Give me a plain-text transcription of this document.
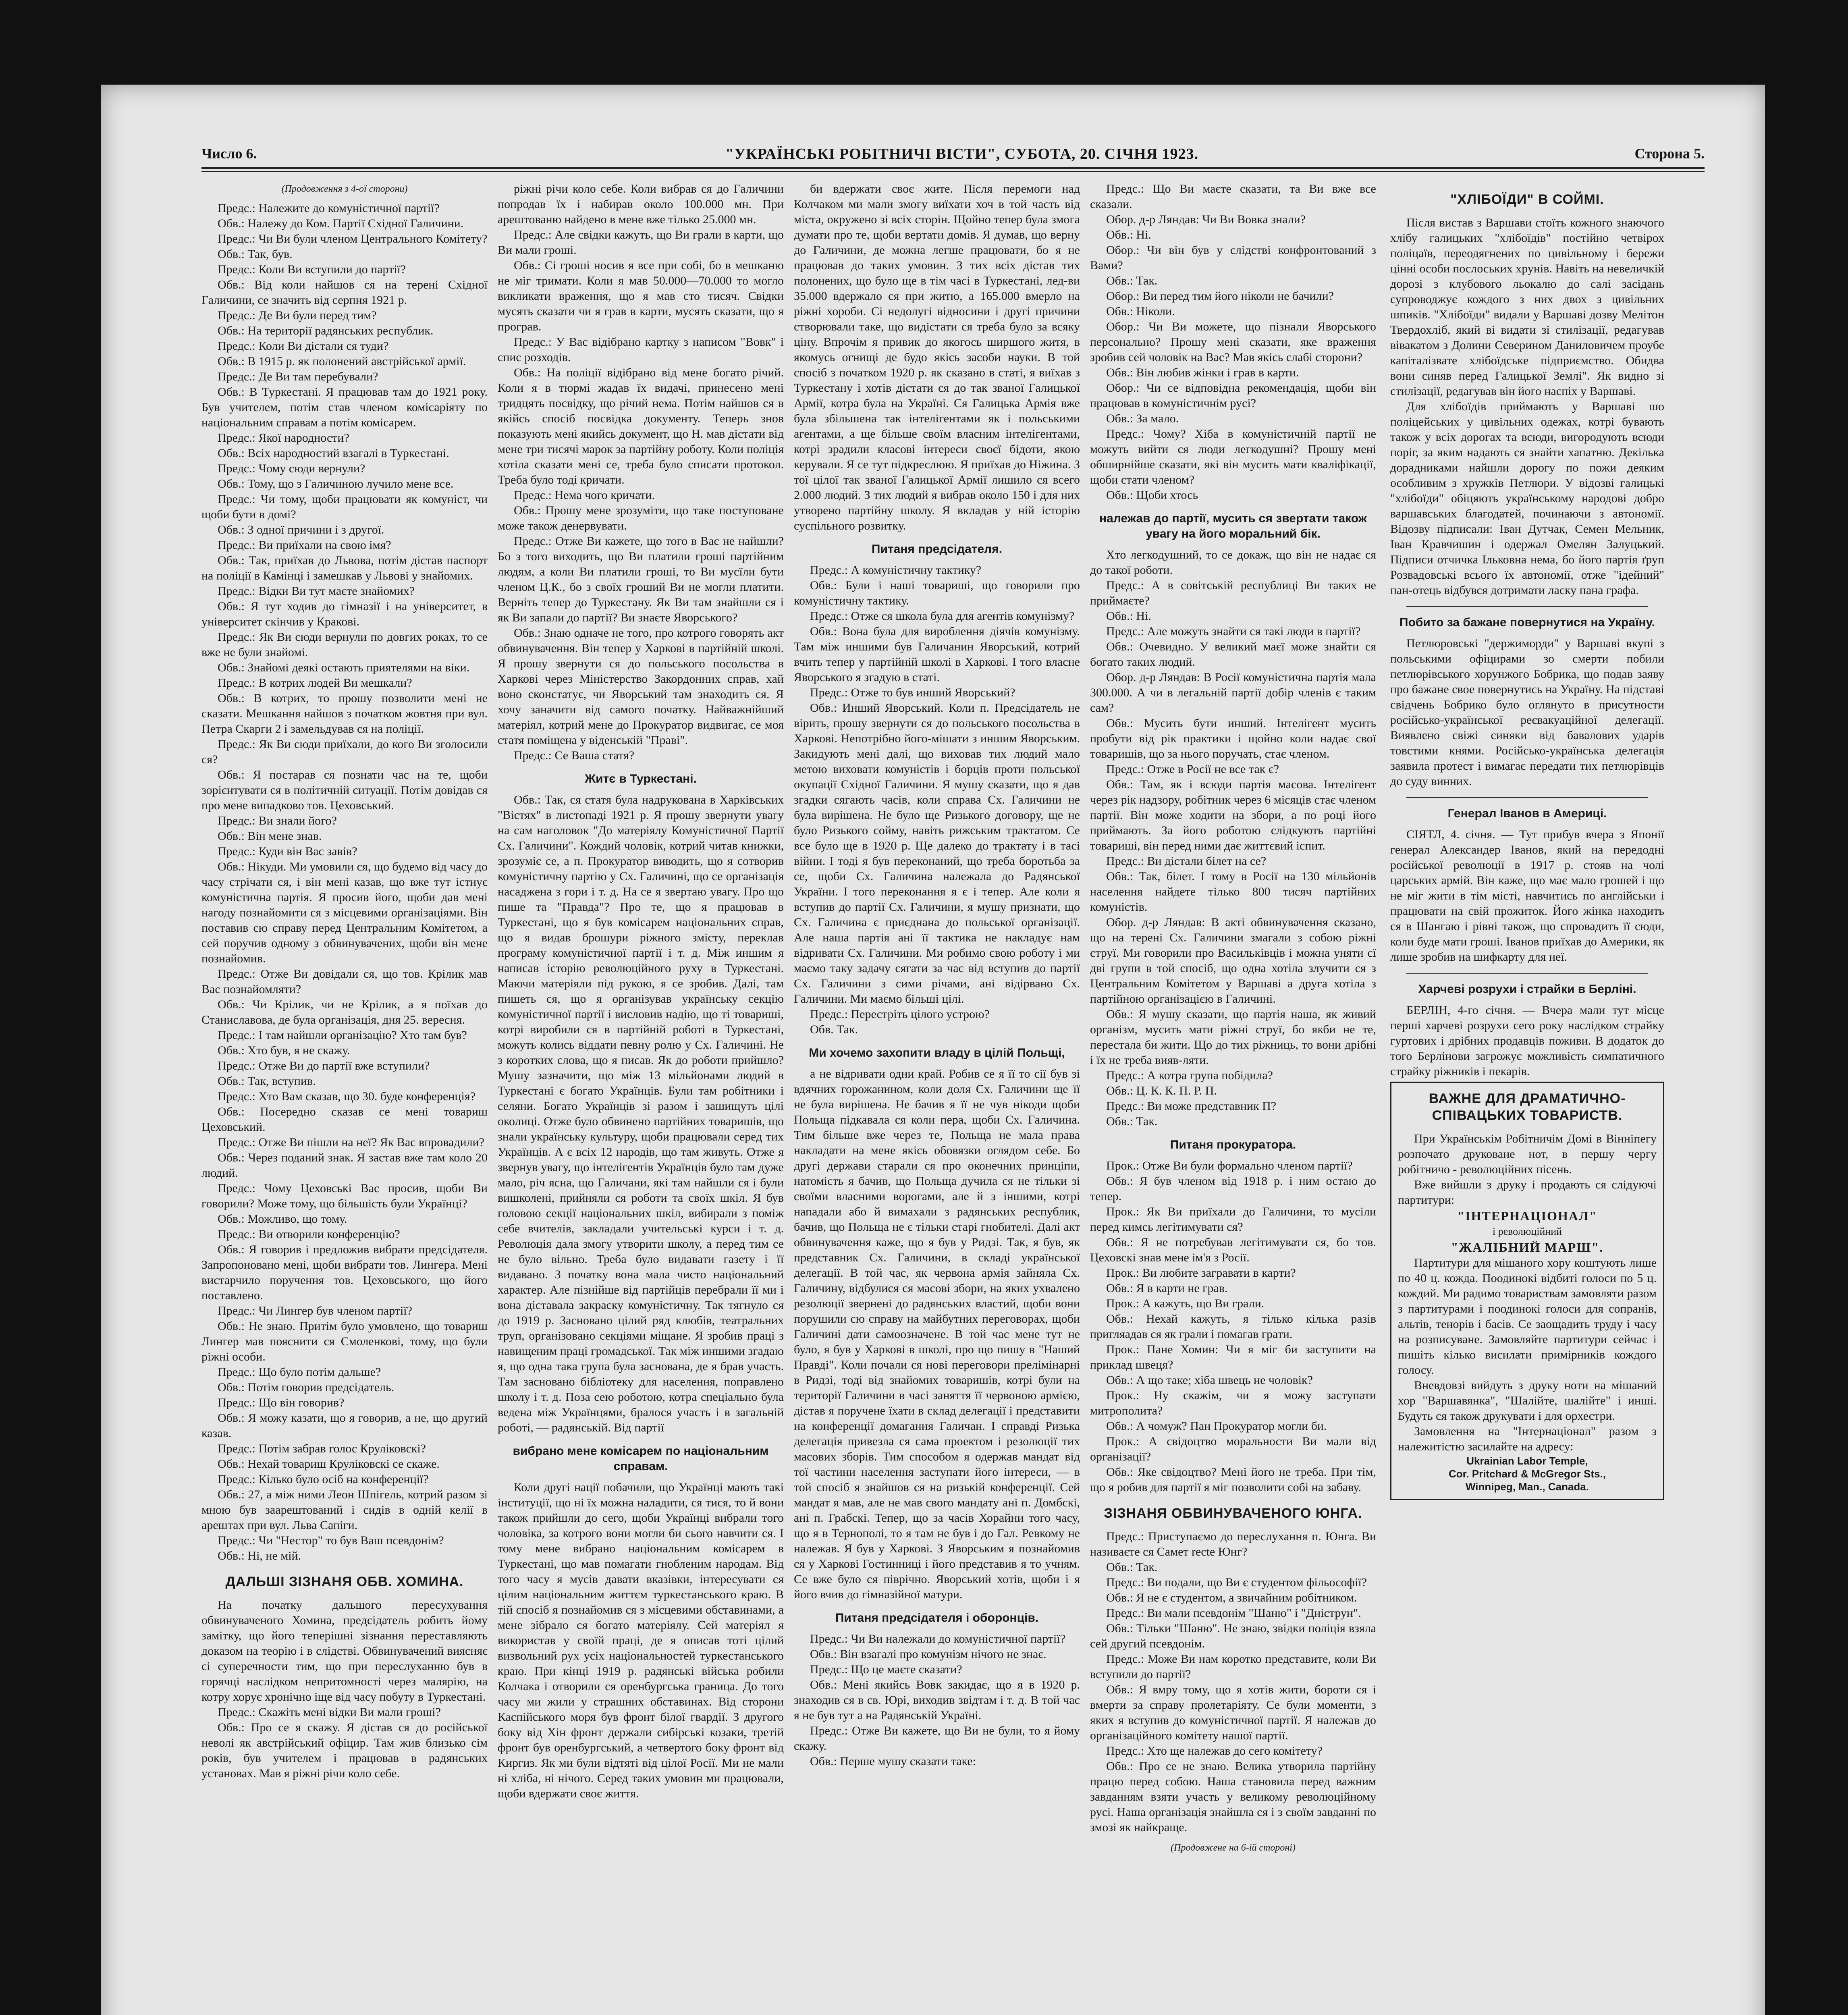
Число 6.	"УКРАЇНСЬКІ РОБІТНИЧІ ВІСТИ", СУБОТА, 20. СІЧНЯ 1923.	Сторона 5.

(Продовження з 4-ої сторони)

Предс.: Належите до комуністичної партії?

Обв.: Належу до Ком. Партії Східної Галичини.

Предс.: Чи Ви були членом Центрального Комітету?

Обв.: Так, був.

Предс.: Коли Ви вступили до партії?

Обв.: Від коли найшов ся на терені Східної Галичини, се значить від серпня 1921 р.

Предс.: Де Ви були перед тим?

Обв.: На території радянських республик.

Предс.: Коли Ви дістали ся туди?

Обв.: В 1915 р. як полонений австрійської армії.

Предс.: Де Ви там перебували?

Обв.: В Туркестані. Я працював там до 1921 року. Був учителем, потім став членом комісаріяту по національним справам а потім комісарем.

Предс.: Якої народности?

Обв.: Всіх народностий взагалі в Туркестані.

Предс.: Чому сюди вернули?

Обв.: Тому, що з Галичиною лучило мене все.

Предс.: Чи тому, щоби працювати як комуніст, чи щоби бути в домі?

Обв.: З одної причини і з другої.

Предс.: Ви приїхали на свою імя?

Обв.: Так, приїхав до Львова, потім дістав паспорт на поліції в Камінці і замешкав у Львові у знайомих.

Предс.: Відки Ви тут маєте знайомих?

Обв.: Я тут ходив до гімназії і на університет, в університет скінчив у Кракові.

Предс.: Як Ви сюди вернули по довгих роках, то се вже не були знайомі.

Обв.: Знайомі деякі остають приятелями на віки.

Предс.: В котрих людей Ви мешкали?

Обв.: В котрих, то прошу позволити мені не сказати. Мешкання найшов з початком жовтня при вул. Петра Скарги 2 і замельдував ся на поліції.

Предс.: Як Ви сюди приїхали, до кого Ви зголосили ся?

Обв.: Я постарав ся познати час на те, щоби зорієнтувати ся в політичній ситуації. Потім довідав ся про мене випадково тов. Цеховський.

Предс.: Ви знали його?

Обв.: Він мене знав.

Предс.: Куди він Вас завів?

Обв.: Нікуди. Ми умовили ся, що будемо від часу до часу стрічати ся, і він мені казав, що вже тут істнує комуністична партія. Я просив його, щоби дав мені нагоду познайомити ся з місцевими організаціями. Він поставив сю справу перед Центральним Комітетом, а сей поручив одному з обвинувачених, щоби він мене познайомив.

Предс.: Отже Ви довідали ся, що тов. Крілик мав Вас познайомляти?

Обв.: Чи Крілик, чи не Крілик, а я поїхав до Станиславова, де була організація, дня 25. вересня.

Предс.: І там найшли організацію? Хто там був?

Обв.: Хто був, я не скажу.

Предс.: Отже Ви до партії вже вступили?

Обв.: Так, вступив.

Предс.: Хто Вам сказав, що 30. буде конференція?

Обв.: Посередно сказав се мені товариш Цеховський.

Предс.: Отже Ви пішли на неї? Як Вас впровадили?

Обв.: Через поданий знак. Я застав вже там коло 20 людий.

Предс.: Чому Цеховські Вас просив, щоби Ви говорили? Може тому, що більшість були Українці?

Обв.: Можливо, що тому.

Предс.: Ви отворили конференцію?

Обв.: Я говорив і предложив вибрати предсідателя. Запропоновано мені, щоби вибрати тов. Лингера. Мені вистарчило поручення тов. Цеховського, що його поставлено.

Предс.: Чи Лингер був членом партії?

Обв.: Не знаю. Притім було умовлено, що товариш Лингер мав пояснити ся Смоленкові, тому, що були ріжні особи.

Предс.: Що було потім дальше?

Обв.: Потім говорив предсідатель.

Предс.: Що він говорив?

Обв.: Я можу казати, що я говорив, а не, що другий казав.

Предс.: Потім забрав голос Круліковскі?

Обв.: Нехай товариш Круліковскі се скаже.

Предс.: Кілько було осіб на конференції?

Обв.: 27, а між ними Леон Шпігель, котрий разом зі мною був заарештований і сидів в одній келії в арештах при вул. Льва Сапіги.

Предс.: Чи "Нестор" то був Ваш псевдонім?

Обв.: Ні, не мій.

ДАЛЬШІ ЗІЗНАНЯ ОБВ. ХОМИНА.

На початку дальшого пересухування обвинуваченого Хомина, предсідатель робить йому замітку, що його теперішні зізнання переставляють доказом на теорію і в слідстві. Обвинувачений виясняє сі суперечности тим, що при переслуханню був в горячці наслідком непритомності через малярію, на котру хорує хронічно іще від часу побуту в Туркестані.

Предс.: Скажіть мені відки Ви мали гроші?

Обв.: Про се я скажу. Я дістав ся до російської неволі як австрійський офіцир. Там жив близько сім років, був учителем і працював в радянських установах. Мав я ріжні річи коло себе.

ріжні річи коло себе. Коли вибрав ся до Галичини попродав їх і набирав около 100.000 мн. При арештованю найдено в мене вже тілько 25.000 мн.

Предс.: Але свідки кажуть, що Ви грали в карти, що Ви мали гроші.

Обв.: Сі гроші носив я все при собі, бо в мешканю не міг тримати. Коли я мав 50.000—70.000 то могло викликати враження, що я мав сто тисяч. Свідки мусять сказати чи я грав в карти, мусять сказати, що я програв.

Предс.: У Вас відібрано картку з написом "Вовк" і спис розходів.

Обв.: На поліції відібрано від мене богато річий. Коли я в тюрмі жадав їх видачі, принесено мені тридцять посвідку, що річий нема. Потім найшов ся в якійсь спосіб посвідка документу. Теперь знов показують мені якийсь документ, що Н. мав дістати від мене три тисячі марок за партійну роботу. Коли поліція хотіла сказати мені се, треба було списати протокол. Треба було тоді кричати.

Предс.: Нема чого кричати.

Обв.: Прошу мене зрозуміти, що таке поступоване може також денервувати.

Предс.: Отже Ви кажете, що того в Вас не найшли? Бо з того виходить, що Ви платили гроші партійним людям, а коли Ви платили гроші, то Ви мусїли бути членом Ц.К., бо з своїх гроший Ви не могли платити. Верніть тепер до Туркестану. Як Ви там знайшли ся і як Ви запали до партії? Ви знаєте Яворського?

Обв.: Знаю одначе не того, про котрого говорять акт обвинувачення. Він тепер у Харкові в партійній школі. Я прошу звернути ся до польського посольства в Харкові через Міністерство Закордонних справ, хай воно сконстатує, чи Яворський там знаходить ся. Я хочу заначити від самого початку. Найважнійший матеріял, котрий мене до Прокуратор видвигає, се моя статя поміщена у віденській "Праві".

Предс.: Се Ваша статя?

Житє в Туркестані.

Обв.: Так, ся статя була надрукована в Харківських "Вістях" в листопаді 1921 р. Я прошу звернути увагу на сам наголовок "До матеріялу Комуністичної Партії Сх. Галичини". Кождий чоловік, котрий читав книжки, зрозуміє се, а п. Прокуратор виводить, що я сотворив комуністичну партію у Сх. Галичині, що се організація насаджена з гори і т. д. На се я звертаю увагу. Про що пише та "Правда"? Про те, що я працював в Туркестані, що я був комісарем національних справ, що я видав брошури ріжного змісту, переклав програму комуністичної партії і т. д. Між иншим я написав історію революційного руху в Туркестані. Маючи матеріяли під рукою, я се зробив. Далі, там пишеть ся, що я організував українську секцію комуністичної партії і висловив надію, що ті товариші, котрі виробили ся в партійній роботі в Туркестані, можуть колись віддати певну ролю у Сх. Галичині. Не з коротких слова, що я писав. Як до роботи прийшло? Мушу зазначити, що між 13 мільйонами людий в Туркестані є богато Українців. Були там робітники і селяни. Богато Українців зі разом і зашищуть цілі околиці. Отже було обвинено партійних товаришів, що знали українську культуру, щоби працювали серед тих Українців. А є всіх 12 народів, що там живуть. Отже я звернув увагу, що інтелігентів Українців було там дуже мало, річ ясна, що Галичани, які там найшли ся і були вишколені, прийняли ся роботи та своїх шкіл. Я був головою секції національних шкіл, вибирали з поміж себе вчителів, закладали учительські курси і т. д. Революція дала змогу утворити школу, а перед тим се не було вільно. Треба було видавати газету і її видавано. З початку вона мала чисто національний характер. Але пізнійше від партійців перебрали її ми і вона діставала закраску комуністичну. Так тягнуло ся до 1919 р. Засновано цілий ряд клюбів, театральних труп, організовано секціями міщане. Я зробив праці з навищеним праці громадської. Так між иншими згадаю я, що одна така група була заснована, де я брав участь. Там засновано бібліотеку для населення, поправлено школу і т. д. Поза сею роботою, котра спеціально була ведена між Українцями, бралося участь і в загальній роботі, — радянській. Від партії

вибрано мене комісарем по національним справам.

Коли другі нації побачили, що Українці мають такі інституції, що ні їх можна наладити, ся тися, то й вони також прийшли до сего, щоби Українці вибрали того чоловіка, за котрого вони могли би сього навчити ся. І тому мене вибрано національним комісарем в Туркестані, що мав помагати гнобленим народам. Від того часу я мусів давати вказівки, інтересувати ся цілим національним життєм туркестанського краю. В тій спосіб я познайомив ся з місцевими обставинами, а мене зібрало ся богато матеріялу. Сей матеріял я використав у своїй праці, де я описав тоті цілий визвольний рух усіх національностей туркестанського краю. При кінці 1919 р. радянські війська робили Колчака і отворили ся оренбургська граница. До того часу ми жили у страшних обставинах. Від сторони Каспійського моря був фронт білої гвардії. З другого боку від Хін фронт держали сибірські козаки, третій фронт був оренбургський, а четвертого боку фронт від Киргиз. Як ми були відтяті від цілої Росії. Ми не мали ні хліба, ні нічого. Серед таких умовин ми працювали, щоби вдержати своє життя.

би вдержати своє жите. Після перемоги над Колчаком ми мали змогу виїхати хоч в той часть від міста, окружено зі всіх сторін. Щойно тепер була змога думати про те, щоби вертати домів. Я думав, що верну до Галичини, де можна легше працювати, бо я не працював до таких умовин. З тих всіх дістав тих полонених, що було ще в тім часі в Туркестані, лед-ви 35.000 вдержало ся при житю, а 165.000 вмерло на ріжні хороби. Сі недолугі відносини і другі причини створювали таке, що видістати ся треба було за всяку ціну. Впрочім я привик до якогось ширшого житя, в якомусь огнищі де будо якісь засоби науки. В той спосіб з початком 1920 р. як сказано в статі, я виїхав з Туркестану і хотів дістати ся до так званої Галицької Армії, котра була на Україні. Ся Галицька Армія вже була збільшена так інтелігентами як і польськими агентами, а ще більше своїм власним інтелігентами, котрі зрадили класові інтереси своєї бідоти, якою керували. Я се тут підкреслюю. Я приїхав до Ніжина. З тої цілої так званої Галицької Армії лишило ся всего 2.000 людий. З тих людий я вибрав около 150 і для них утворено партійну школу. Я вкладав у ній історію суспільного розвитку.

Питаня предсідателя.

Предс.: А комуністичну тактику?

Обв.: Були і наші товариші, що говорили про комуністичну тактику.

Предс.: Отже ся школа була для агентів комунізму?

Обв.: Вона була для вироблення діячів комунізму. Там між иншими був Галичанин Яворський, котрий вчить тепер у партійній школі в Харкові. І того власне Яворського я згадую в статі.

Предс.: Отже то був инший Яворський?

Обв.: Инший Яворський. Коли п. Предсідатель не вірить, прошу звернути ся до польського посольства в Харкові. Непотрібно його-мішати з иншим Яворським. Закидують мені далі, що виховав тих людий мало метою виховати комуністів і борців проти польської окупації Східної Галичини. Я мушу сказати, що я дав згадки сягають часів, коли справа Сх. Галичини не була вирішена. Не було ще Ризького договору, ще не було Ризького сойму, навіть рижським трактатом. Се все було ще в 1920 р. Ще далеко до трактату і в тасі війни. І тоді я був переконаний, що треба боротьба за се, щоби Сх. Галичина належала до Радянської України. І того переконання я є і тепер. Але коли я вступив до партії Сх. Галичини, я мушу признати, що Сх. Галичина є приєднана до польської організації. Але наша партія ані її тактика не накладує нам відривати Сх. Галичини. Ми робимо свою роботу і ми маємо таку задачу сягати за час від вступив до партії Сх. Галичини з сими річами, ані відірвано Сх. Галичини. Ми маємо більші цілі.

Предс.: Перестріть цілого устрою?

Обв. Так.

Ми хочемо захопити владу в цілій Польщі,

а не відривати одни край. Робив се я її то сії був зі вдячних горожанином, коли доля Сх. Галичини ще її не була вирішена. Не бачив я її не чув нікоди щоби Польща підкавала ся коли пера, щоби Сх. Галичина. Тим більше вже через те, Польща не мала права накладати на мене якісь обовязки оглядом себе. Бо другі держави старали ся про оконечних принціпи, натомість я бачив, що Польща дучила ся не тільки зі своїми власними ворогами, але й з іншими, котрі нападали або й вимахали з радянських республик, бачив, що Польща не є тільки старі гнобителі. Далі акт обвинувачення каже, що я був у Ридзі. Так, я був, як представник Сх. Галичини, в складі української делегації. В той час, як червона армія зайняла Сх. Галичину, відбулися ся масові збори, на яких ухвалено резолюції звернені до радянських властий, щоби вони порушили сю справу на майбутних переговорах, щоби Галичині дати самоозначене. В той час мене тут не було, я був у Харкові в школі, про що пишу в "Наший Правді". Коли почали ся нові переговори прелімінарні в Ридзі, тоді від знайомих товаришів, котрі були на території Галичини в часі заняття її червоною армією, дістав я поручене їхати в склад делегації і представити на конференції домагання Галичан. І справді Ризька делегація привезла ся сама проектом і резолюції тих масових зборів. Тим способом я одержав мандат від тої частини населення заступати його інтереси, — в той спосіб я знайшов ся на ризькій конференції. Сей мандат я мав, але не мав свого мандату ані п. Домбскі, ані п. Грабскі. Тепер, що за часів Хорайни того часу, що я в Тернополі, то я там не був і до Гал. Ревкому не належав. Я був у Харкові. З Яворським я познайомив ся у Харкові Гостинниці і його представив я то учням. Се вже було ся піврічно. Яворський хотів, щоби і я його вчив до гімназійної матури.

Питаня предсідателя і оборонців.

Предс.: Чи Ви належали до комуністичної партії?

Обв.: Він взагалі про комунізм нічого не знає.

Предс.: Що це маєте сказати?

Обв.: Мені якийсь Вовк закидає, що я в 1920 р. знаходив ся в св. Юрі, виходив звідтам і т. д. В той час я не був тут а на Радянській Україні.

Предс.: Отже Ви кажете, що Ви не були, то я йому скажу.

Обв.: Перше мушу сказати таке:

Предс.: Що Ви маєте сказати, та Ви вже все сказали.

Обор. д-р Ляндав: Чи Ви Вовка знали?

Обв.: Ні.

Обор.: Чи він був у слідстві конфронтований з Вами?

Обв.: Так.

Обор.: Ви перед тим його ніколи не бачили?

Обв.: Ніколи.

Обор.: Чи Ви можете, що пізнали Яворського персонально? Прошу мені сказати, яке враження зробив сей чоловік на Вас? Мав якісь слабі сторони?

Обв.: Він любив жінки і грав в карти.

Обор.: Чи се відповідна рекомендація, щоби він працював в комуністичнім русі?

Обв.: За мало.

Предс.: Чому? Хіба в комуністичній партії не можуть вийти ся люди легкодушні? Прошу мені обширнійше сказати, які він мусить мати кваліфікації, щоби стати членом?

Обв.: Щоби хтось

належав до партії, мусить ся звертати також увагу на його моральний бік.

Хто легкодушний, то се докаж, що він не надає ся до такої роботи.

Предс.: А в совітській республиці Ви таких не приймаєте?

Обв.: Ні.

Предс.: Але можуть знайти ся такі люди в партії?

Обв.: Очевидно. У великий маєї може знайти ся богато таких людий.

Обор. д-р Ляндав: В Росії комуністична партія мала 300.000. А чи в легальній партії добір членів є таким сам?

Обв.: Мусить бути инший. Інтелігент мусить пробути від рік практики і щойно коли надає свої товаришів, що за нього поручать, стає членом.

Предс.: Отже в Росії не все так є?

Обв.: Там, як і всюди партія масова. Інтелігент через рік надзору, робітник через 6 місяців стає членом партії. Він може ходити на збори, а по році його приймають. За його роботою слідкують партійні товариші, він перед ними дає життєвий іспит.

Предс.: Ви дістали білет на се?

Обв.: Так, білет. І тому в Росії на 130 мільйонів населення найдете тілько 800 тисяч партійних комуністів.

Обор. д-р Ляндав: В акті обвинувачення сказано, що на терені Сх. Галичини змагали з собою ріжні струї. Ми говорили про Васильківців і можна уняти сї дві групи в той спосіб, що одна хотіла злучити ся з Центральним Комітетом у Варшаві а друга хотіла з партійною організацією в Галичині.

Обв.: Я мушу сказати, що партія наша, як живий організм, мусить мати ріжні струї, бо якби не те, перестала би жити. Що до тих ріжниць, то вони дрібні і їх не треба вияв-ляти.

Предс.: А котра група побідила?

Обв.: Ц. К. К. П. Р. П.

Предс.: Ви може представник П?

Обв.: Так.

Питаня прокуратора.

Прок.: Отже Ви були формально членом партії?

Обв.: Я був членом від 1918 р. і ним остаю до тепер.

Прок.: Як Ви приїхали до Галичини, то мусіли перед кимсь легітимувати ся?

Обв.: Я не потребував легітимувати ся, бо тов. Цеховскі знав мене ім'я з Росії.

Прок.: Ви любите загравати в карти?

Обв.: Я в карти не грав.

Прок.: А кажуть, що Ви грали.

Обв.: Нехай кажуть, я тілько кілька разів пригляадав ся як грали і помагав грати.

Прок.: Пане Хомин: Чи я міг би заступити на приклад швеця?

Обв.: А що таке; хіба швець не чоловік?

Прок.: Ну скажім, чи я можу заступати митрополита?

Обв.: А чомуж? Пан Прокуратор могли би.

Прок.: А свідоцтво моральности Ви мали від організації?

Обв.: Яке свідоцтво? Мені його не треба. При тім, що я робив для партії я міг позволити собі на забаву.

ЗІЗНАНЯ ОБВИНУВАЧЕНОГО ЮНГА.

Предс.: Приступаємо до переслухання п. Юнга. Ви називаєте ся Самет recte Юнг?

Обв.: Так.

Предс.: Ви подали, що Ви є студентом фільософії?

Обв.: Я не є студентом, а звичайним робітником.

Предс.: Ви мали псевдонім "Шаню" і "Дніструн".

Обв.: Тільки "Шаню". Не знаю, звідки поліція взяла сей другий псевдонім.

Предс.: Може Ви нам коротко представите, коли Ви вступили до партії?

Обв.: Я вмру тому, що я хотів жити, бороти ся і вмерти за справу пролетаріяту. Се були моменти, з яких я вступив до комуністичної партії. Я належав до організаційного комітету нашої партії.

Предс.: Хто ще належав до сего комітету?

Обв.: Про се не знаю. Велика утворила партійну працю перед собою. Наша становила перед важним завданням взяти участь у великому революційному русі. Наша організація знайшла ся і з своїм завданні по змозі як найкраще.

(Продовжене на 6-ій стороні)

"ХЛІБОЇДИ" В СОЙМІ.

Після вистав з Варшави стоїть кожного знаючого хлібу галицьких "хлібоїдів" постійно четвірох поліцаїв, переодягнених по цивільному і бережи цінні особи послоських хрунів. Навіть на невеличкій дорозі з клубового льокалю до салі засідань супроводжує кождого з них двох з цивільних шпиків. "Хлібоїди" видали у Варшаві дозву Мелітон Твердохліб, який ві видати зі стилізації, редагував вівакатом з Долини Северином Даниловичем проубе капіталізвате хлібоїдськe підприємство. Обидва вони синяв перед Галицької Землі". Як видно зі стилізації, редагував він його наспіх у Варшаві.

Для хлібоїдів приймають у Варшаві шо поліцейських у цивільних одежах, котрі бувають також у всіх дорогах та всюди, вигородують всюди поріг, за яким надають ся знайти хапатню. Декілька дорадниками найшли дорогу по пожи деяким особливим з хружків Петлюри. У відозві галицькі "хлібоїди" обіцяють українському народові добро варшавських благодатей, починаючи з автономії. Відозву підписали: Іван Дутчак, Семен Мельник, Іван Кравчишин і одержал Омелян Залуцький. Підписи отчичка Ільковна нема, бо його партія ґруп Розвадовські всього їх автономії, отже "ідейний" пан-отець відбувся дотримати ласку пана графа.

Побито за бажане повернутися на Україну.

Петлюровські "держиморди" у Варшаві вкупі з польськими офіцирами зо смерти побили петлюрівського хорунжого Бобрика, що подав заяву про бажане свое повернутись на Україну. На підставі свідчень Бобрико було оглянуто в присутности російсько-української реєвакуаційної делегації. Виявлено свіжі синяки від бавалових ударів товстими княми. Російсько-українська делегація заявила протест і вимагає передати тих петлюрівців до суду винних.

Генерал Іванов в Америці.

СІЯТЛ, 4. січня. — Тут прибув вчера з Японії генерал Александер Іванов, який на передодні російської революції в 1917 р. стояв на чолі царських армій. Він каже, що має мало грошей і що не міг жити в тім місті, навчитись по англійськи і працювати на свій прожиток. Його жінка находить ся в Шангаю і рівні також, що спровадить її сюди, коли буде мати гроші. Іванов приїхав до Америки, як лише зробив на шифкарту для неї.

Харчеві розрухи і страйки в Берліні.

БЕРЛІН, 4-го січня. — Вчера мали тут місце перші харчеві розрухи сего року наслідком страйку гуртових і дрібних продавців поживи. В додаток до того Берлінови загрожує можливість симпатичного страйку ріжників і пекарів.

ВАЖНЕ ДЛЯ ДРАМАТИЧНО-СПІВАЦЬКИХ ТОВАРИСТВ.

При Українськім Робітничім Домі в Вінніпегу розпочато друковане нот, в першу чергу робітничо - революційних пісень.

Вже вийшли з друку і продають ся слідуючі партитури:

"ІНТЕРНАЦІОНАЛ"

і революційний

"ЖАЛІБНИЙ МАРШ".

Партитури для мішаного хору коштують лише по 40 ц. кожда. Поодинокі відбиті голоси по 5 ц. кождий. Ми радимо товариствам замовляти разом з партитурами і поодинокі голоси для сопранів, альтів, тенорів і басів. Се заощадить труду і часу на розписуване. Замовляйте партитури сейчас і пишіть кілько висилати примірників кождого голосу.

Вневдовзі вийдуть з друку ноти на мішаний хор "Варшавянка", "Шалійте, шалійте" і инші. Будуть ся також друкувати і для орхестри.

Замовлення на "Інтернаціонал" разом з належитістю засилайте на адресу:

Ukrainian Labor Temple,

Cor. Pritchard & McGregor Sts.,

Winnipeg, Man., Canada.
